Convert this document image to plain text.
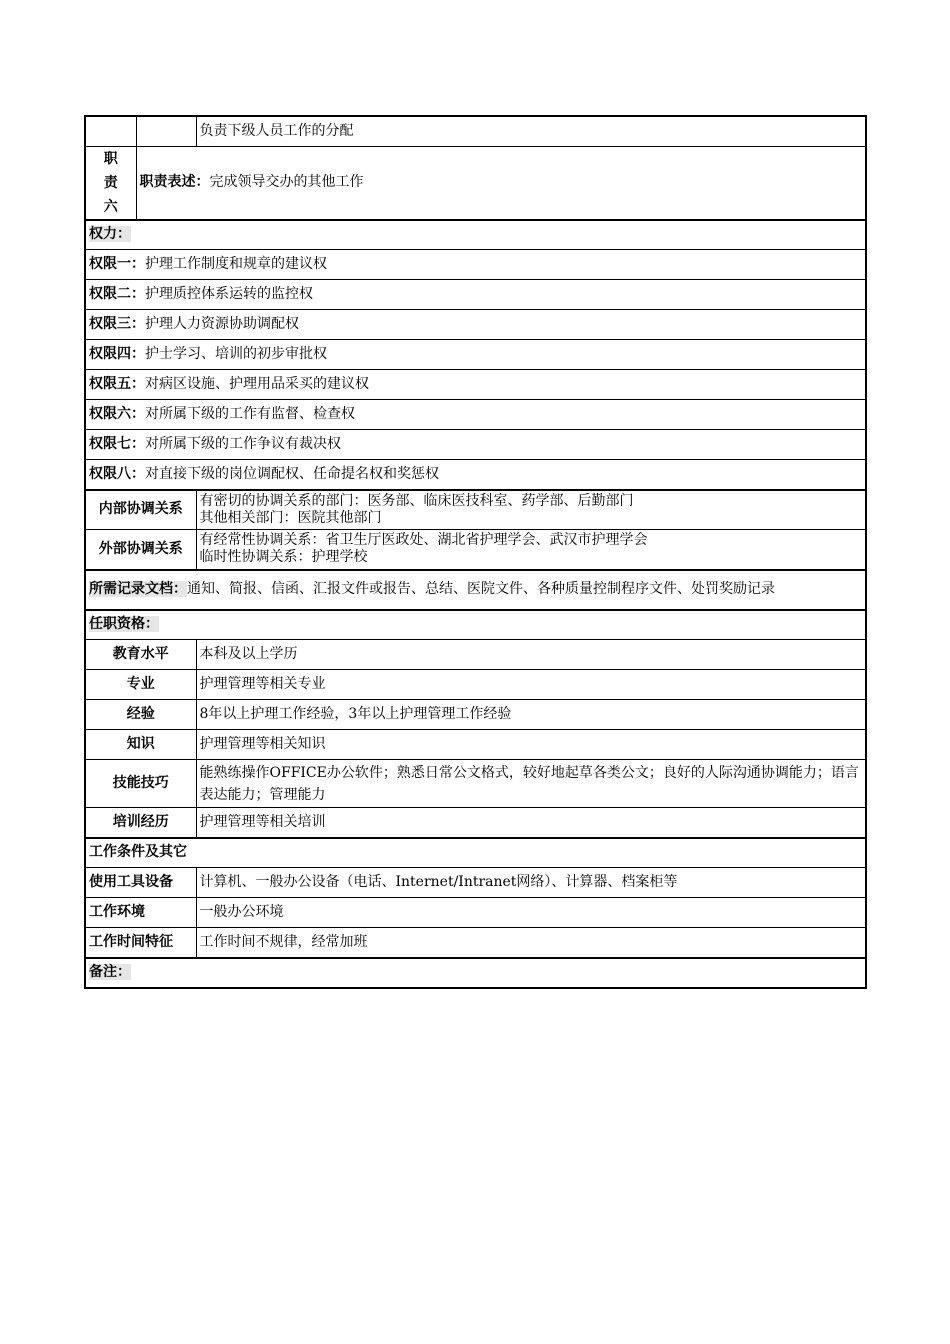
		负责下级人员工作的分配
职
责
六	职责表述：完成领导交办的其他工作	
权力：		
权限一：护理工作制度和规章的建议权		
权限二：护理质控体系运转的监控权		
权限三：护理人力资源协助调配权		
权限四：护士学习、培训的初步审批权		
权限五：对病区设施、护理用品采买的建议权		
权限六：对所属下级的工作有监督、检查权		
权限七：对所属下级的工作争议有裁决权		
权限八：对直接下级的岗位调配权、任命提名权和奖惩权		
内部协调关系		有密切的协调关系的部门：医务部、临床医技科室、药学部、后勤部门
其他相关部门：医院其他部门

外部协调关系		有经常性协调关系：省卫生厅医政处、湖北省护理学会、武汉市护理学会
临时性协调关系：护理学校

所需记录文档：通知、简报、信函、汇报文件或报告、总结、医院文件、各种质量控制程序文件、处罚奖励记录		
任职资格：		
教育水平		本科及以上学历
专业		护理管理等相关专业
经验		8年以上护理工作经验，3年以上护理管理工作经验
知识		护理管理等相关知识
技能技巧		能熟练操作OFFICE办公软件；熟悉日常公文格式，较好地起草各类公文；良好的人际沟通协调能力；语言表达能力；管理能力
培训经历		护理管理等相关培训
工作条件及其它		
使用工具设备		计算机、一般办公设备（电话、Internet/Intranet网络）、计算器、档案柜等
工作环境		一般办公环境
工作时间特征		工作时间不规律，经常加班
备注：		
